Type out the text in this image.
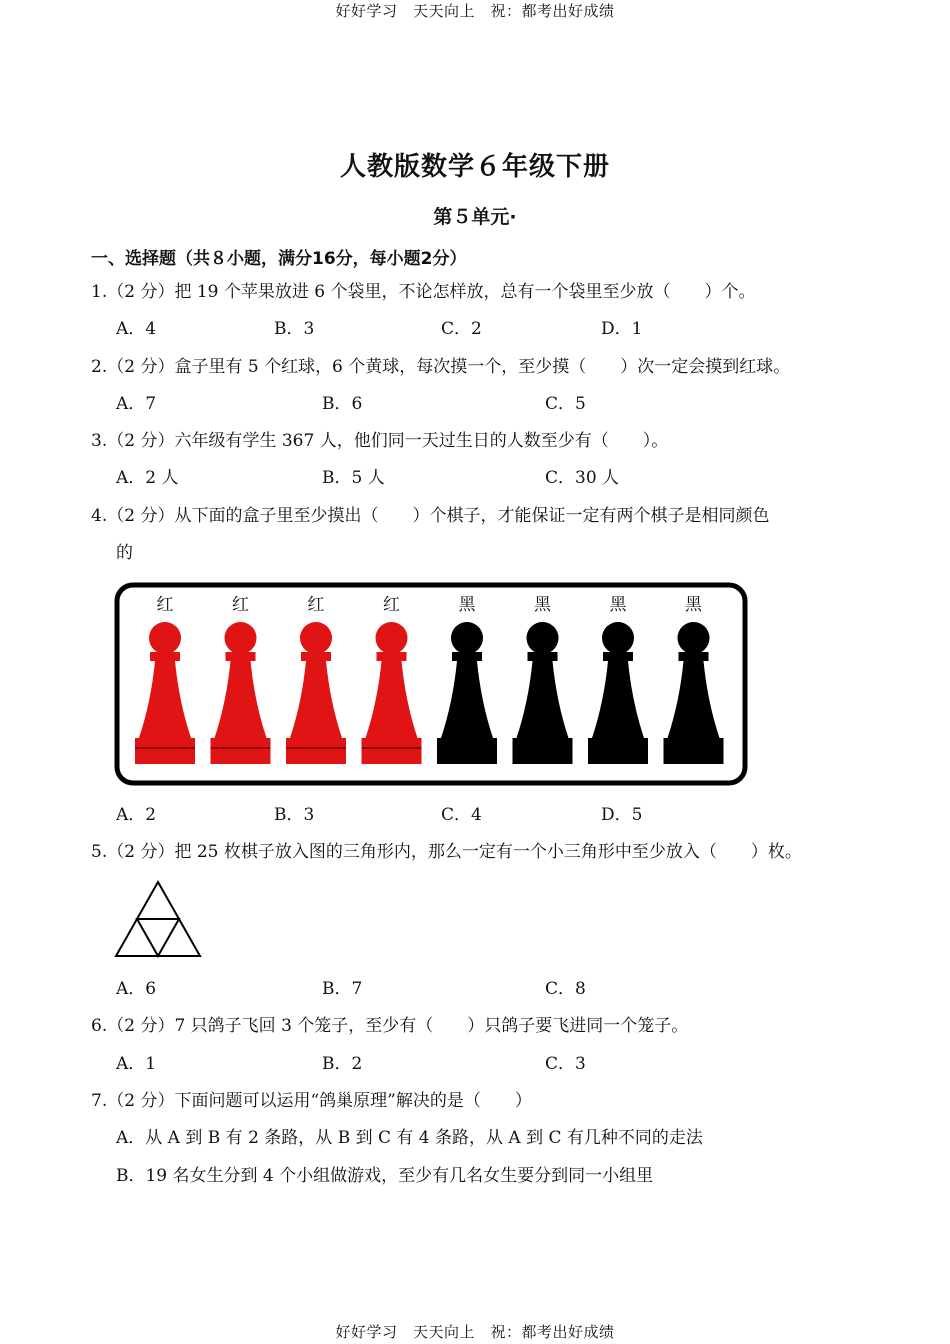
好好学习　天天向上　祝：都考出好成绩
人教版数学６年级下册
第５单元·
一、选择题（共８小题，满分16分，每小题2分）
1.（2 分）把 19 个苹果放进 6 个袋里，不论怎样放，总有一个袋里至少放（　　）个。
A．4	B．3	C．2	D．1
2.（2 分）盒子里有 5 个红球，6 个黄球，每次摸一个，至少摸（　　）次一定会摸到红球。
A．7	B．6	C．5
3.（2 分）六年级有学生 367 人，他们同一天过生日的人数至少有（　　）。
A．2 人	B．5 人	C．30 人
4.（2 分）从下面的盒子里至少摸出（　　）个棋子，才能保证一定有两个棋子是相同颜色
的
红	红	红	红	黑	黑	黑	黑
A．2	B．3	C．4	D．5
5.（2 分）把 25 枚棋子放入图的三角形内，那么一定有一个小三角形中至少放入（　　）枚。
A．6	B．7	C．8
6.（2 分）7 只鸽子飞回 3 个笼子，至少有（　　）只鸽子要飞进同一个笼子。
A．1	B．2	C．3
7.（2 分）下面问题可以运用“鸽巢原理”解决的是（　　）
A．从 A 到 B 有 2 条路，从 B 到 C 有 4 条路，从 A 到 C 有几种不同的走法
B．19 名女生分到 4 个小组做游戏，至少有几名女生要分到同一小组里
好好学习　天天向上　祝：都考出好成绩
